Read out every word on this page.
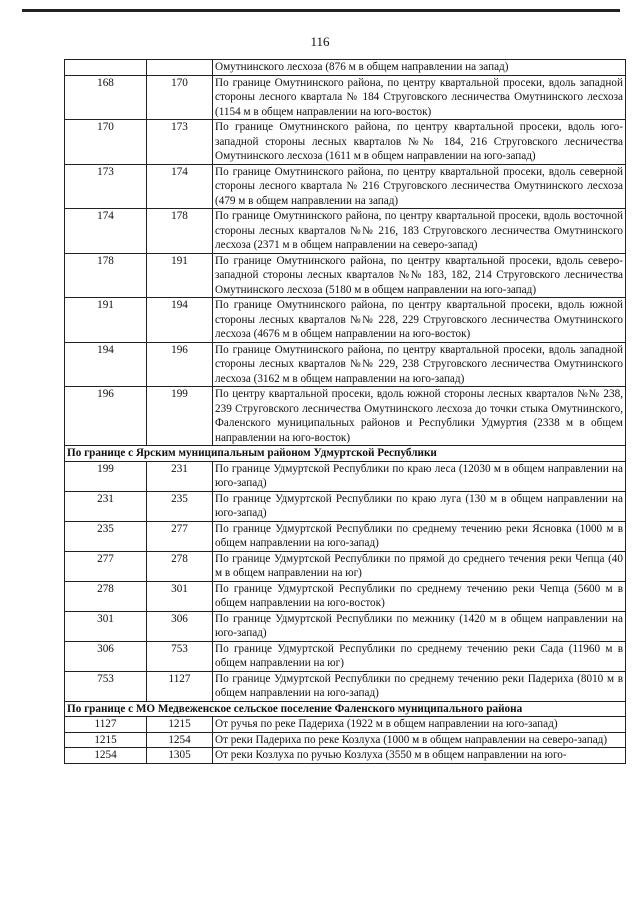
116
		Омутнинского лесхоза (876 м в общем направлении на запад)
168	170	По границе Омутнинского района, по центру квартальной просеки, вдоль западной стороны лесного квартала № 184 Струговского лесничества Омутнинского лесхоза (1154 м в общем направлении на юго-восток)
170	173	По границе Омутнинского района, по центру квартальной просеки, вдоль юго-западной стороны лесных кварталов №№ 184, 216 Струговского лесничества Омутнинского лесхоза (1611 м в общем направлении на юго-запад)
173	174	По границе Омутнинского района, по центру квартальной просеки, вдоль северной стороны лесного квартала № 216 Струговского лесничества Омутнинского лесхоза (479 м в общем направлении на запад)
174	178	По границе Омутнинского района, по центру квартальной просеки, вдоль восточной стороны лесных кварталов №№ 216, 183 Струговского лесничества Омутнинского лесхоза (2371 м в общем направлении на северо-запад)
178	191	По границе Омутнинского района, по центру квартальной просеки, вдоль северо-западной стороны лесных кварталов №№ 183, 182, 214 Струговского лесничества Омутнинского лесхоза (5180 м в общем направлении на юго-запад)
191	194	По границе Омутнинского района, по центру квартальной просеки, вдоль южной стороны лесных кварталов №№ 228, 229 Струговского лесничества Омутнинского лесхоза (4676 м в общем направлении на юго-восток)
194	196	По границе Омутнинского района, по центру квартальной просеки, вдоль западной стороны лесных кварталов №№ 229, 238 Струговского лесничества Омутнинского лесхоза (3162 м в общем направлении на юго-запад)
196	199	По центру квартальной просеки, вдоль южной стороны лесных кварталов №№ 238, 239 Струговского лесничества Омутнинского лесхоза до точки стыка Омутнинского, Фаленского муниципальных районов и Республики Удмуртия (2338 м в общем направлении на юго-восток)
По границе с Ярским муниципальным районом Удмуртской Республики		
199	231	По границе Удмуртской Республики по краю леса (12030 м в общем направлении на юго-запад)
231	235	По границе Удмуртской Республики по краю луга (130 м в общем направлении на юго-запад)
235	277	По границе Удмуртской Республики по среднему течению реки Ясновка (1000 м в общем направлении на юго-запад)
277	278	По границе Удмуртской Республики по прямой до среднего течения реки Чепца (40 м в общем направлении на юг)
278	301	По границе Удмуртской Республики по среднему течению реки Чепца (5600 м в общем направлении на юго-восток)
301	306	По границе Удмуртской Республики по межнику (1420 м в общем направлении на юго-запад)
306	753	По границе Удмуртской Республики по среднему течению реки Сада (11960 м в общем направлении на юг)
753	1127	По границе Удмуртской Республики по среднему течению реки Падериха (8010 м в общем направлении на юго-запад)
По границе с МО Медвеженское сельское поселение Фаленского муниципального района		
1127	1215	От ручья по реке Падериха (1922 м в общем направлении на юго-запад)
1215	1254	От реки Падериха по реке Козлуха (1000 м в общем направлении на северо-запад)
1254	1305	От реки Козлуха по ручью Козлуха (3550 м в общем направлении на юго-
